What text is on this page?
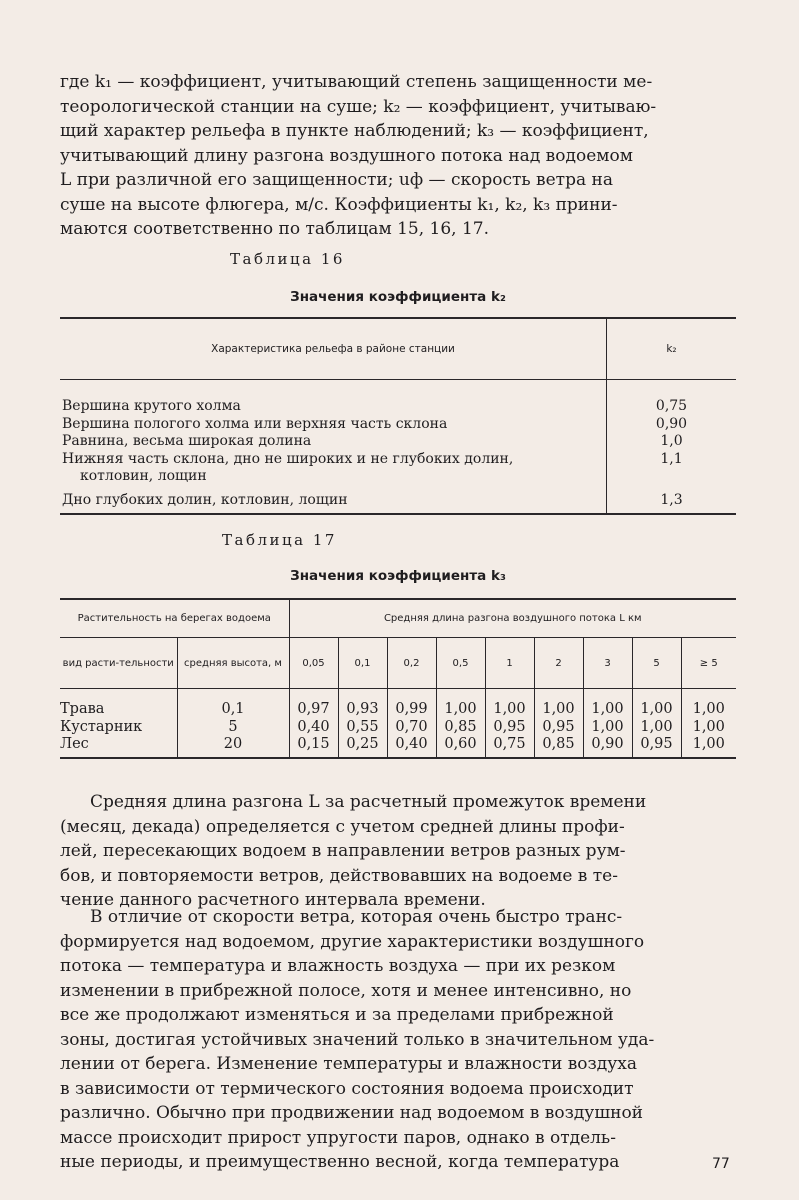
где k₁ — коэффициент, учитывающий степень защищенности ме-
теорологической станции на суше; k₂ — коэффициент, учитываю-
щий характер рельефа в пункте наблюдений; k₃ — коэффициент,
учитывающий длину разгона воздушного потока над водоемом
L при различной его защищенности; uф — скорость ветра на
суше на высоте флюгера, м/с. Коэффициенты k₁, k₂, k₃ прини-
маются соответственно по таблицам 15, 16, 17.

Таблица 16
Значения коэффициента k₂
Характеристика рельефа в районе станции	k₂
Вершина крутого холма	0,75
Вершина пологого холма или верхняя часть склона	0,90
Равнина, весьма широкая долина	1,0
Нижняя часть склона, дно не широких и не глубоких долин,
котловин, лощин	1,1
Дно глубоких долин, котловин, лощин	1,3
Таблица 17
Значения коэффициента k₃
Растительность на берегах водоема		Средняя длина разгона воздушного потока L км								
вид расти-тельности	средняя высота, м	0,05	0,1	0,2	0,5	1	2	3	5	≥ 5
Трава	0,1	0,97	0,93	0,99	1,00	1,00	1,00	1,00	1,00	1,00
Кустарник	5	0,40	0,55	0,70	0,85	0,95	0,95	1,00	1,00	1,00
Лес	20	0,15	0,25	0,40	0,60	0,75	0,85	0,90	0,95	1,00

Средняя длина разгона L за расчетный промежуток времени
(месяц, декада) определяется с учетом средней длины профи-
лей, пересекающих водоем в направлении ветров разных рум-
бов, и повторяемости ветров, действовавших на водоеме в те-
чение данного расчетного интервала времени.

В отличие от скорости ветра, которая очень быстро транс-
формируется над водоемом, другие характеристики воздушного
потока — температура и влажность воздуха — при их резком
изменении в прибрежной полосе, хотя и менее интенсивно, но
все же продолжают изменяться и за пределами прибрежной
зоны, достигая устойчивых значений только в значительном уда-
лении от берега. Изменение температуры и влажности воздуха
в зависимости от термического состояния водоема происходит
различно. Обычно при продвижении над водоемом в воздушной
массе происходит прирост упругости паров, однако в отдель-
ные периоды, и преимущественно весной, когда температура	77
